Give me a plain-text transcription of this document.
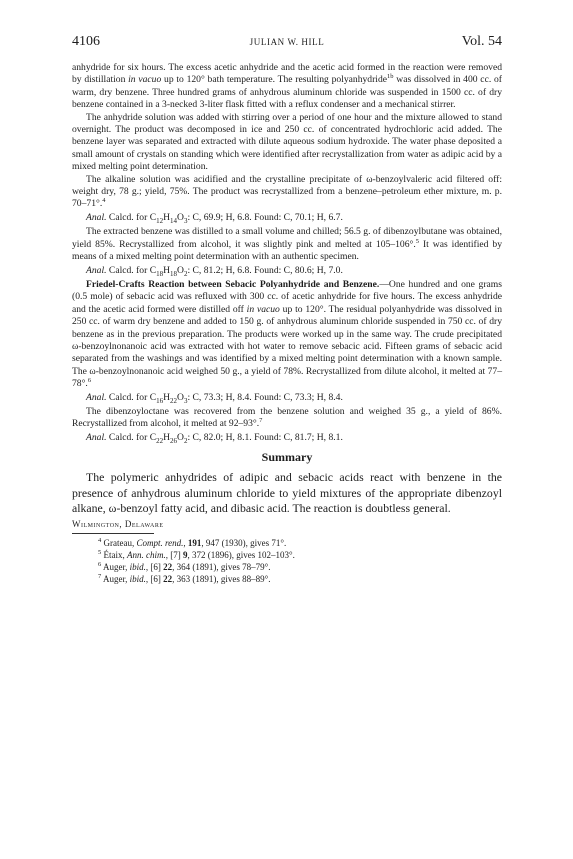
4106	JULIAN W. HILL	Vol. 54

anhydride for six hours. The excess acetic anhydride and the acetic acid formed in the reaction were removed by distillation in vacuo up to 120° bath temperature. The resulting polyanhydride$^{1b}$ was dissolved in 400 cc. of warm, dry benzene. Three hundred grams of anhydrous aluminum chloride was suspended in 1500 cc. of dry benzene contained in a 3-necked 3-liter flask fitted with a reflux condenser and a mechanical stirrer.

The anhydride solution was added with stirring over a period of one hour and the mixture allowed to stand overnight. The product was decomposed in ice and 250 cc. of concentrated hydrochloric acid added. The benzene layer was separated and extracted with dilute aqueous sodium hydroxide. The water phase deposited a small amount of crystals on standing which were identified after recrystallization from water as adipic acid by a mixed melting point determination.

The alkaline solution was acidified and the crystalline precipitate of ω-benzoylvaleric acid filtered off: weight dry, 78 g.; yield, 75%. The product was recrystallized from a benzene–petroleum ether mixture, m. p. 70–71°.$^4$

Anal. Calcd. for $C_{12}H_{14}O_3$: C, 69.9; H, 6.8. Found: C, 70.1; H, 6.7.

The extracted benzene was distilled to a small volume and chilled; 56.5 g. of dibenzoylbutane was obtained, yield 85%. Recrystallized from alcohol, it was slightly pink and melted at 105–106°.$^5$ It was identified by means of a mixed melting point determination with an authentic specimen.

Anal. Calcd. for $C_{18}H_{18}O_2$: C, 81.2; H, 6.8. Found: C, 80.6; H, 7.0.

Friedel-Crafts Reaction between Sebacic Polyanhydride and Benzene.—One hundred and one grams (0.5 mole) of sebacic acid was refluxed with 300 cc. of acetic anhydride for five hours. The excess anhydride and the acetic acid formed were distilled off in vacuo up to 120°. The residual polyanhydride was dissolved in 250 cc. of warm dry benzene and added to 150 g. of anhydrous aluminum chloride suspended in 750 cc. of dry benzene as in the previous preparation. The products were worked up in the same way. The crude precipitated ω-benzoylnonanoic acid was extracted with hot water to remove sebacic acid. Fifteen grams of sebacic acid separated from the washings and was identified by a mixed melting point determination with a known sample. The ω-benzoylnonanoic acid weighed 50 g., a yield of 78%. Recrystallized from dilute alcohol, it melted at 77–78°.$^6$

Anal. Calcd. for $C_{16}H_{22}O_3$: C, 73.3; H, 8.4. Found: C, 73.3; H, 8.4.

The dibenzoyloctane was recovered from the benzene solution and weighed 35 g., a yield of 86%. Recrystallized from alcohol, it melted at 92–93°.$^7$

Anal. Calcd. for $C_{22}H_{26}O_2$: C, 82.0; H, 8.1. Found: C, 81.7; H, 8.1.

Summary

The polymeric anhydrides of adipic and sebacic acids react with benzene in the presence of anhydrous aluminum chloride to yield mixtures of the appropriate dibenzoyl alkane, ω-benzoyl fatty acid, and dibasic acid. The reaction is doubtless general.

Wilmington, Delaware
$^4$ Grateau, Compt. rend., 191, 947 (1930), gives 71°.
$^5$ Étaix, Ann. chim., [7] 9, 372 (1896), gives 102–103°.
$^6$ Auger, ibid., [6] 22, 364 (1891), gives 78–79°.
$^7$ Auger, ibid., [6] 22, 363 (1891), gives 88–89°.
